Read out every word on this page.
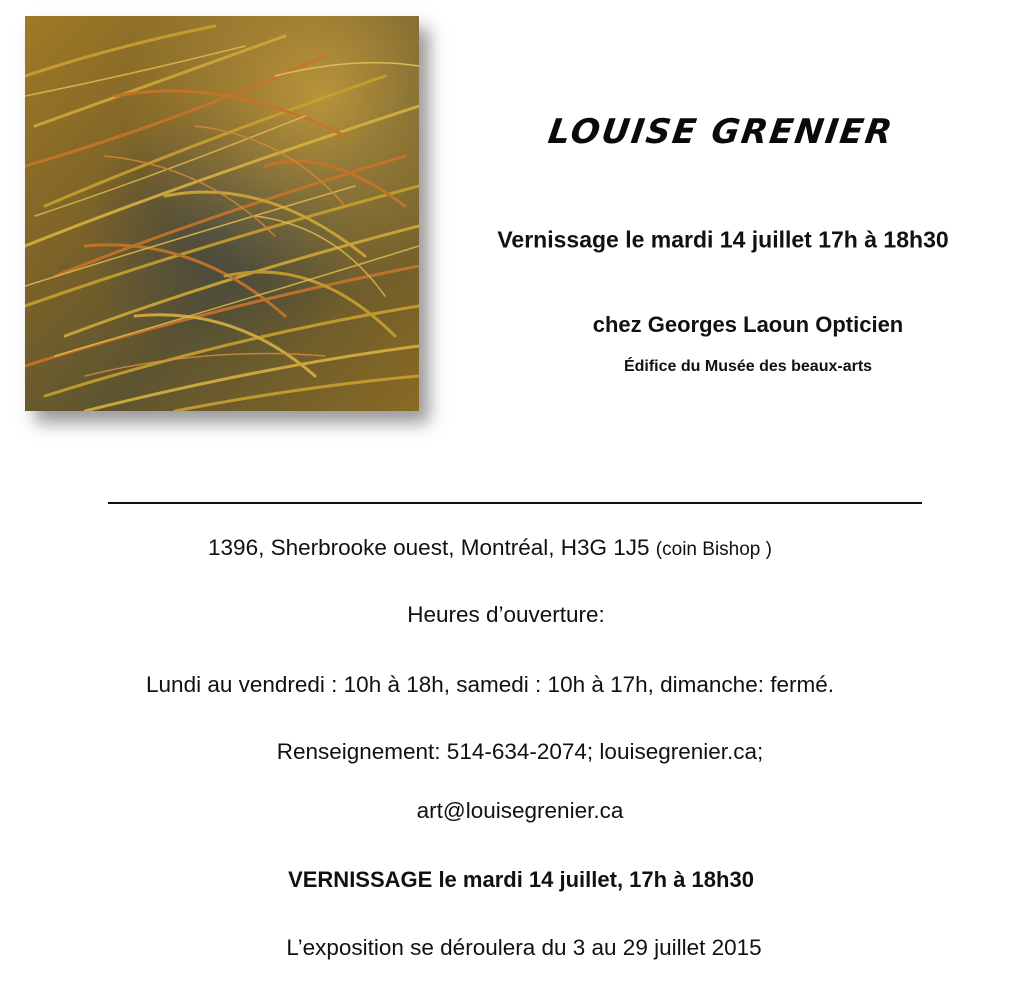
LOUISE GRENIER
Vernissage le mardi 14 juillet 17h à 18h30
chez Georges Laoun Opticien
Édifice du Musée des beaux-arts
1396, Sherbrooke ouest, Montréal, H3G 1J5 (coin Bishop )
Heures d’ouverture:
Lundi au vendredi : 10h à 18h, samedi : 10h à 17h, dimanche: fermé.
Renseignement: 514-634-2074; louisegrenier.ca;
art@louisegrenier.ca
VERNISSAGE le mardi 14 juillet, 17h à 18h30
L’exposition se déroulera du 3 au 29 juillet 2015
